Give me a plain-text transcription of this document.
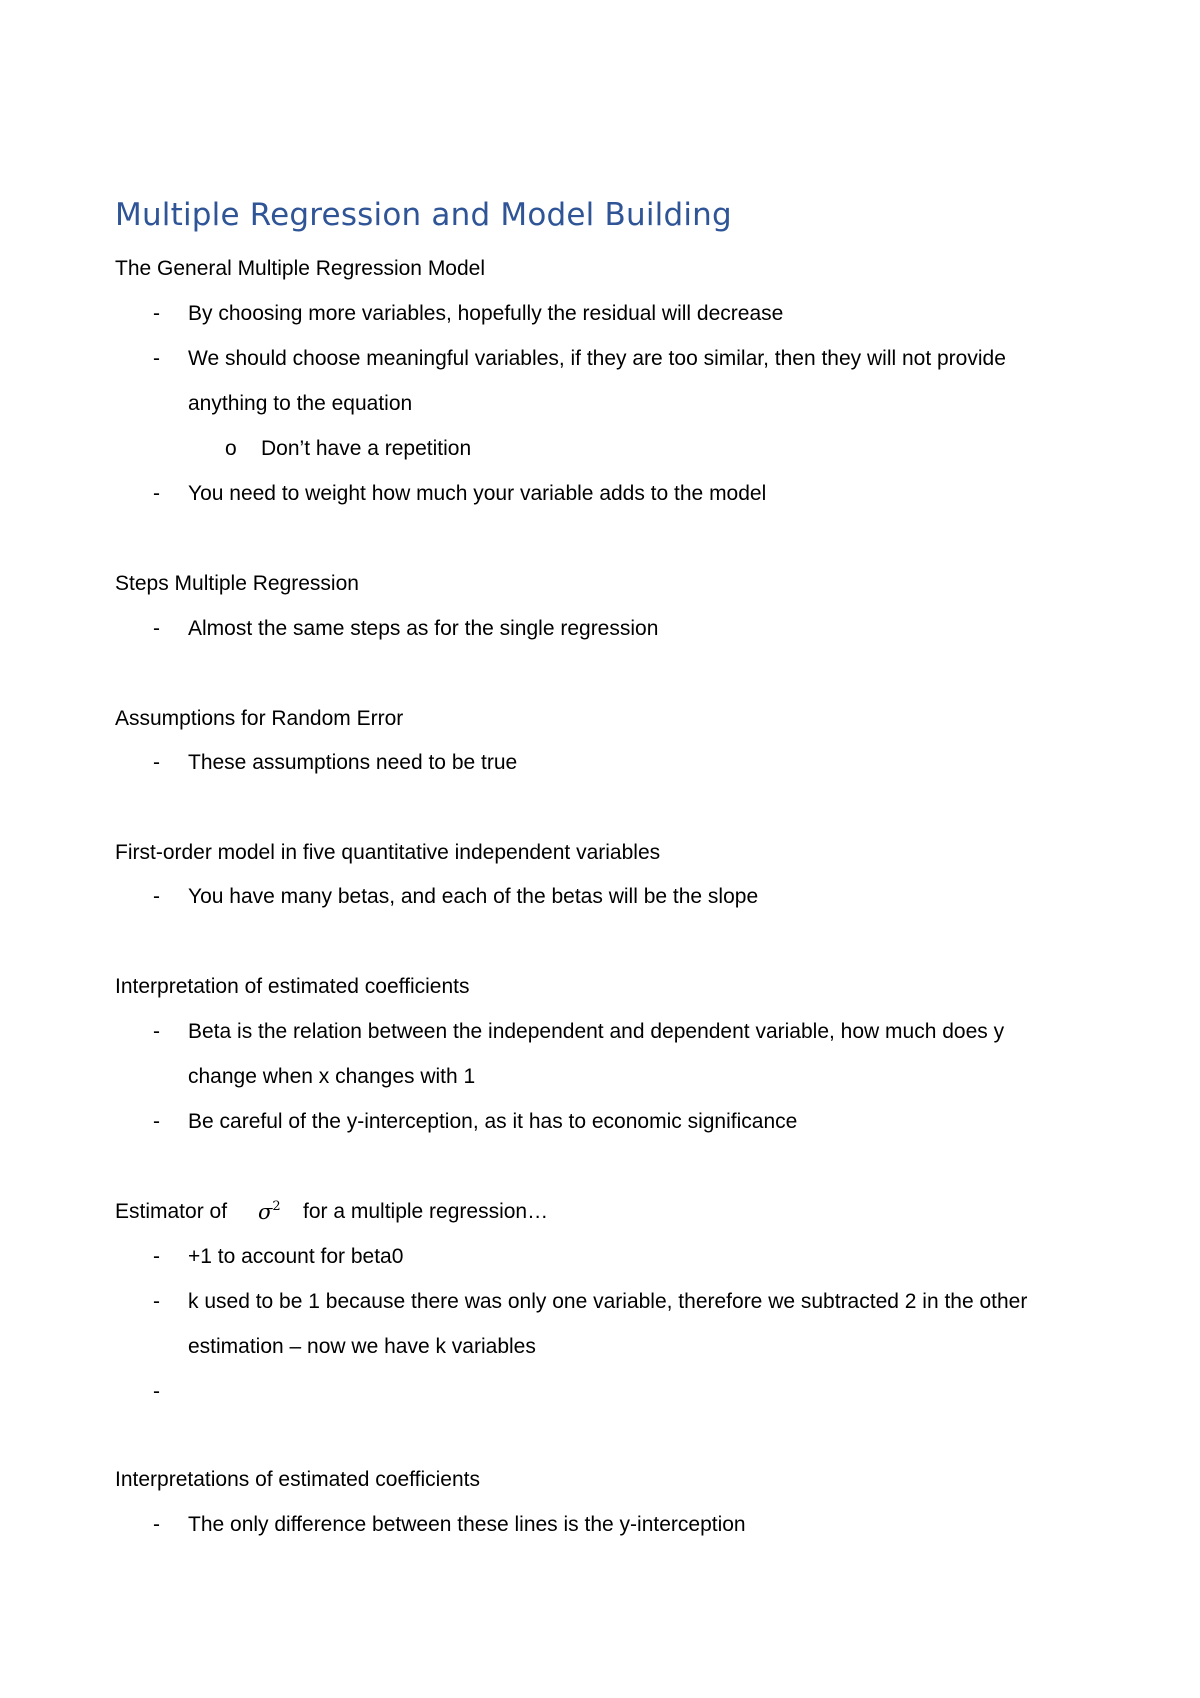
Multiple Regression and Model Building
The General Multiple Regression Model
- By choosing more variables, hopefully the residual will decrease
- We should choose meaningful variables, if they are too similar, then they will not provide
anything to the equation
o Don’t have a repetition
- You need to weight how much your variable adds to the model
Steps Multiple Regression
- Almost the same steps as for the single regression
Assumptions for Random Error
- These assumptions need to be true
First-order model in five quantitative independent variables
- You have many betas, and each of the betas will be the slope
Interpretation of estimated coefficients
- Beta is the relation between the independent and dependent variable, how much does y
change when x changes with 1
- Be careful of the y-interception, as it has to economic significance
Estimator of $\sigma^2$ for a multiple regression…
- +1 to account for beta0
- k used to be 1 because there was only one variable, therefore we subtracted 2 in the other
estimation – now we have k variables
-
Interpretations of estimated coefficients
- The only difference between these lines is the y-interception
